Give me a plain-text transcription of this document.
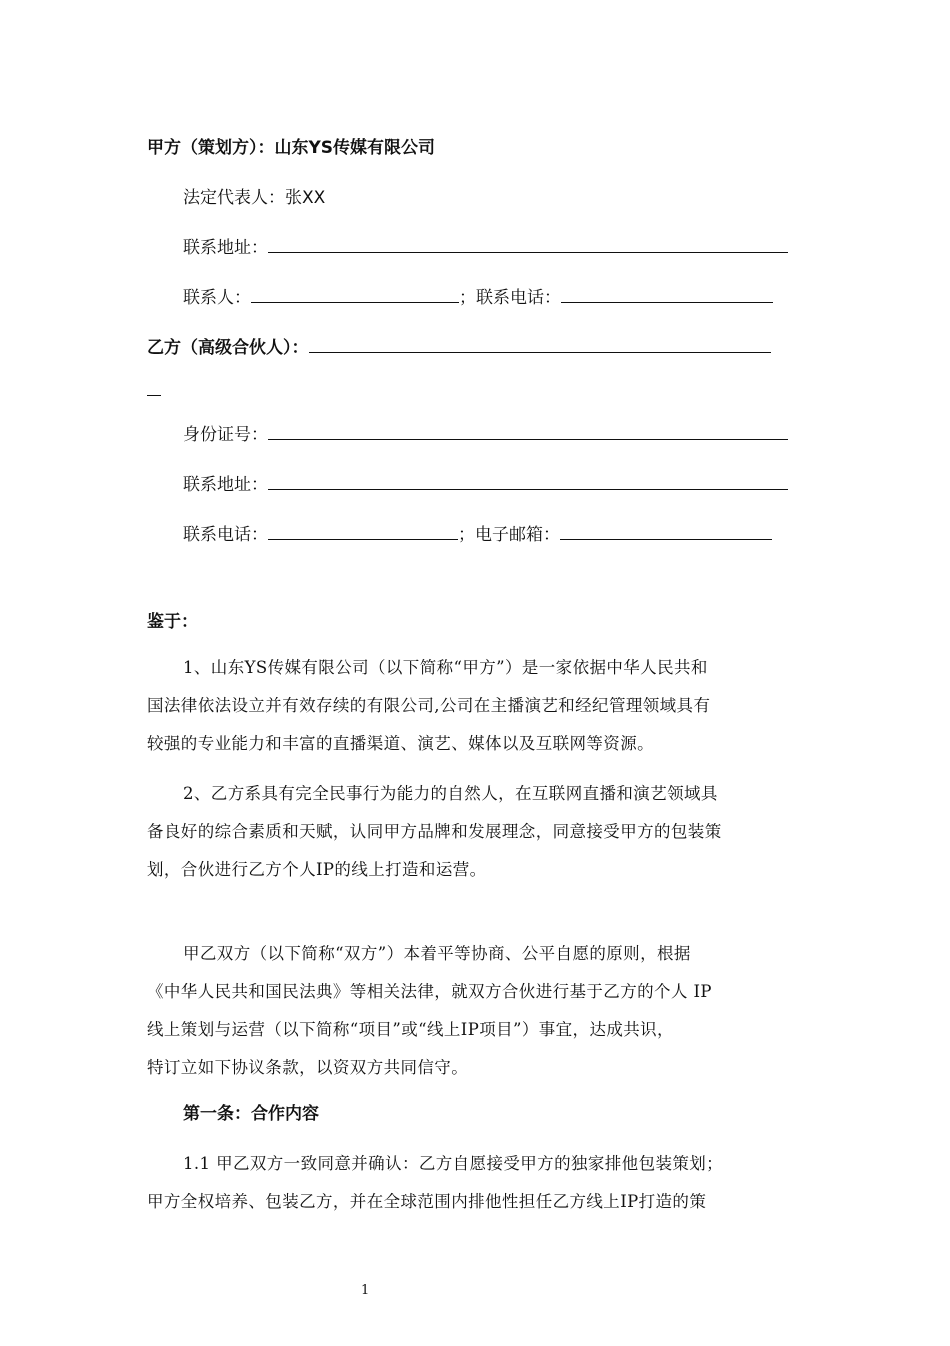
甲方（策划方）：山东YS传媒有限公司
法定代表人：张XX
联系地址：
联系人：	；联系电话：
乙方（高级合伙人）：
身份证号：
联系地址：
联系电话：	；电子邮箱：
鉴于：
1、山东YS传媒有限公司（以下简称“甲方”）是一家依据中华人民共和
国法律依法设立并有效存续的有限公司,公司在主播演艺和经纪管理领域具有
较强的专业能力和丰富的直播渠道、演艺、媒体以及互联网等资源。
2、乙方系具有完全民事行为能力的自然人，在互联网直播和演艺领域具
备良好的综合素质和天赋，认同甲方品牌和发展理念，同意接受甲方的包装策
划，合伙进行乙方个人IP的线上打造和运营。
甲乙双方（以下简称“双方”）本着平等协商、公平自愿的原则，根据
《中华人民共和国民法典》等相关法律，就双方合伙进行基于乙方的个人 IP
线上策划与运营（以下简称“项目”或“线上IP项目”）事宜，达成共识，
特订立如下协议条款，以资双方共同信守。
第一条：合作内容
1.1 甲乙双方一致同意并确认：乙方自愿接受甲方的独家排他包装策划；
甲方全权培养、包装乙方，并在全球范围内排他性担任乙方线上IP打造的策
1
